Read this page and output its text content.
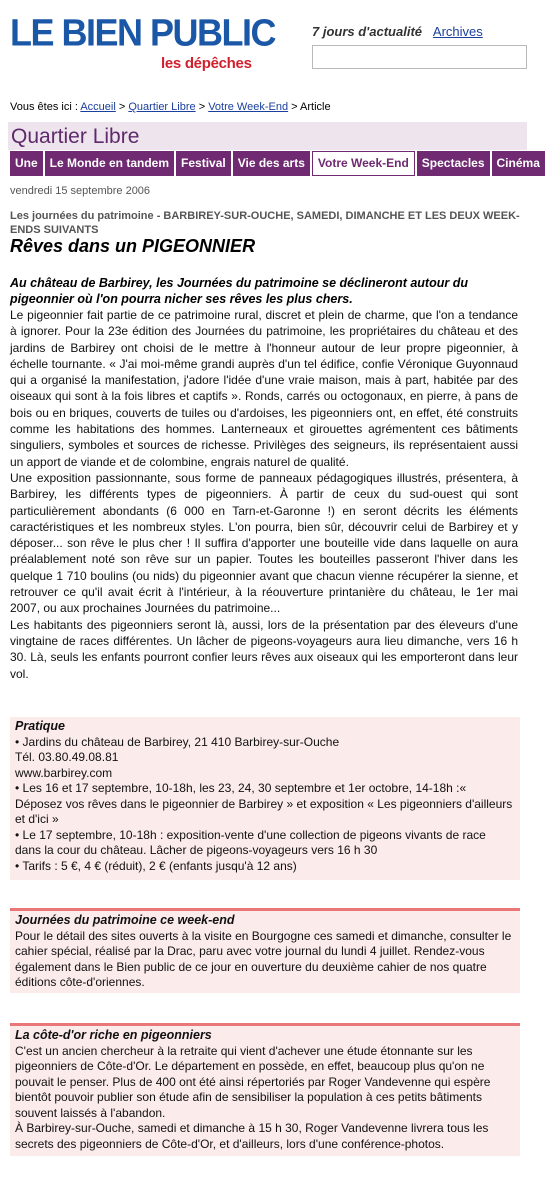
LE BIEN PUBLIC
les dépêches
7 jours d'actualité Archives
Vous êtes ici : Accueil > Quartier Libre > Votre Week-End > Article
Quartier Libre
Une Le Monde en tandem Festival Vie des arts Votre Week-End Spectacles Cinéma
vendredi 15 septembre 2006
Les journées du patrimoine - BARBIREY-SUR-OUCHE, SAMEDI, DIMANCHE ET LES DEUX WEEK-ENDS SUIVANTS
Rêves dans un PIGEONNIER
Au château de Barbirey, les Journées du patrimoine se déclineront autour du pigeonnier où l'on pourra nicher ses rêves les plus chers.

Le pigeonnier fait partie de ce patrimoine rural, discret et plein de charme, que l'on a tendance à ignorer. Pour la 23e édition des Journées du patrimoine, les propriétaires du château et des jardins de Barbirey ont choisi de le mettre à l'honneur autour de leur propre pigeonnier, à échelle tournante. « J'ai moi-même grandi auprès d'un tel édifice, confie Véronique Guyonnaud qui a organisé la manifestation, j'adore l'idée d'une vraie maison, mais à part, habitée par des oiseaux qui sont à la fois libres et captifs ». Ronds, carrés ou octogonaux, en pierre, à pans de bois ou en briques, couverts de tuiles ou d'ardoises, les pigeonniers ont, en effet, été construits comme les habitations des hommes. Lanterneaux et girouettes agrémentent ces bâtiments singuliers, symboles et sources de richesse. Privilèges des seigneurs, ils représentaient aussi un apport de viande et de colombine, engrais naturel de qualité.

Une exposition passionnante, sous forme de panneaux pédagogiques illustrés, présentera, à Barbirey, les différents types de pigeonniers. À partir de ceux du sud-ouest qui sont particulièrement abondants (6 000 en Tarn-et-Garonne !) en seront décrits les éléments caractéristiques et les nombreux styles. L'on pourra, bien sûr, découvrir celui de Barbirey et y déposer... son rêve le plus cher ! Il suffira d'apporter une bouteille vide dans laquelle on aura préalablement noté son rêve sur un papier. Toutes les bouteilles passeront l'hiver dans les quelque 1 710 boulins (ou nids) du pigeonnier avant que chacun vienne récupérer la sienne, et retrouver ce qu'il avait écrit à l'intérieur, à la réouverture printanière du château, le 1er mai 2007, ou aux prochaines Journées du patrimoine...

Les habitants des pigeonniers seront là, aussi, lors de la présentation par des éleveurs d'une vingtaine de races différentes. Un lâcher de pigeons-voyageurs aura lieu dimanche, vers 16 h 30. Là, seuls les enfants pourront confier leurs rêves aux oiseaux qui les emporteront dans leur vol.

Pratique

• Jardins du château de Barbirey, 21 410 Barbirey-sur-Ouche

Tél. 03.80.49.08.81

www.barbirey.com

• Les 16 et 17 septembre, 10-18h, les 23, 24, 30 septembre et 1er octobre, 14-18h :« Déposez vos rêves dans le pigeonnier de Barbirey » et exposition « Les pigeonniers d'ailleurs et d'ici »

• Le 17 septembre, 10-18h : exposition-vente d'une collection de pigeons vivants de race dans la cour du château. Lâcher de pigeons-voyageurs vers 16 h 30

• Tarifs : 5 €, 4 € (réduit), 2 € (enfants jusqu'à 12 ans)

Journées du patrimoine ce week-end

Pour le détail des sites ouverts à la visite en Bourgogne ces samedi et dimanche, consulter le cahier spécial, réalisé par la Drac, paru avec votre journal du lundi 4 juillet. Rendez-vous également dans le Bien public de ce jour en ouverture du deuxième cahier de nos quatre éditions côte-d'oriennes.

La côte-d'or riche en pigeonniers

C'est un ancien chercheur à la retraite qui vient d'achever une étude étonnante sur les pigeonniers de Côte-d'Or. Le département en possède, en effet, beaucoup plus qu'on ne pouvait le penser. Plus de 400 ont été ainsi répertoriés par Roger Vandevenne qui espère bientôt pouvoir publier son étude afin de sensibiliser la population à ces petits bâtiments souvent laissés à l'abandon.

À Barbirey-sur-Ouche, samedi et dimanche à 15 h 30, Roger Vandevenne livrera tous les secrets des pigeonniers de Côte-d'Or, et d'ailleurs, lors d'une conférence-photos.
